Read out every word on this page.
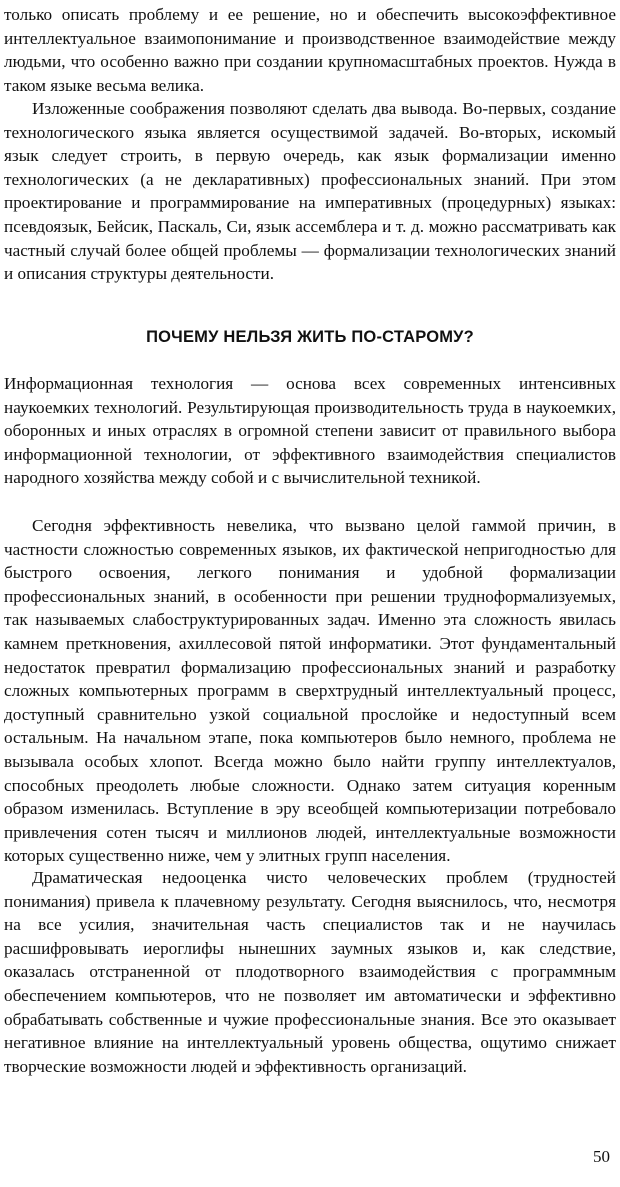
только описать проблему и ее решение, но и обеспечить высокоэффективное интеллектуальное взаимопонимание и производственное взаимодействие между людьми, что особенно важно при создании крупномасштабных проектов. Нужда в таком языке весьма велика.

Изложенные соображения позволяют сделать два вывода. Во-первых, создание технологического языка является осуществимой задачей. Во-вторых, искомый язык следует строить, в первую очередь, как язык формализации именно технологических (а не декларативных) профессиональных знаний. При этом проектирование и программирование на императивных (процедурных) языках: псевдоязык, Бейсик, Паскаль, Си, язык ассемблера и т. д. можно рассматривать как частный случай более общей проблемы — формализации технологических знаний и описания структуры деятельности.

ПОЧЕМУ НЕЛЬЗЯ ЖИТЬ ПО-СТАРОМУ?

Информационная технология — основа всех современных интенсивных наукоемких технологий. Результирующая производительность труда в наукоемких, оборонных и иных отраслях в огромной степени зависит от правильного выбора информационной технологии, от эффективного взаимодействия специалистов народного хозяйства между собой и с вычислительной техникой.

Сегодня эффективность невелика, что вызвано целой гаммой причин, в частности сложностью современных языков, их фактической непригодностью для быстрого освоения, легкого понимания и удобной формализации профессиональных знаний, в особенности при решении трудноформализуемых, так называемых слабоструктурированных задач. Именно эта сложность явилась камнем преткновения, ахиллесовой пятой информатики. Этот фундаментальный недостаток превратил формализацию профессиональных знаний и разработку сложных компьютерных программ в сверхтрудный интеллектуальный процесс, доступный сравнительно узкой социальной прослойке и недоступный всем остальным. На начальном этапе, пока компьютеров было немного, проблема не вызывала особых хлопот. Всегда можно было найти группу интеллектуалов, способных преодолеть любые сложности. Однако затем ситуация коренным образом изменилась. Вступление в эру всеобщей компьютеризации потребовало привлечения сотен тысяч и миллионов людей, интеллектуальные возможности которых существенно ниже, чем у элитных групп населения.

Драматическая недооценка чисто человеческих проблем (трудностей понимания) привела к плачевному результату. Сегодня выяснилось, что, несмотря на все усилия, значительная часть специалистов так и не научилась расшифровывать иероглифы нынешних заумных языков и, как следствие, оказалась отстраненной от плодотворного взаимодействия с программным обеспечением компьютеров, что не позволяет им автоматически и эффективно обрабатывать собственные и чужие профессиональные знания. Все это оказывает негативное влияние на интеллектуальный уровень общества, ощутимо снижает творческие возможности людей и эффективность организаций.

50
